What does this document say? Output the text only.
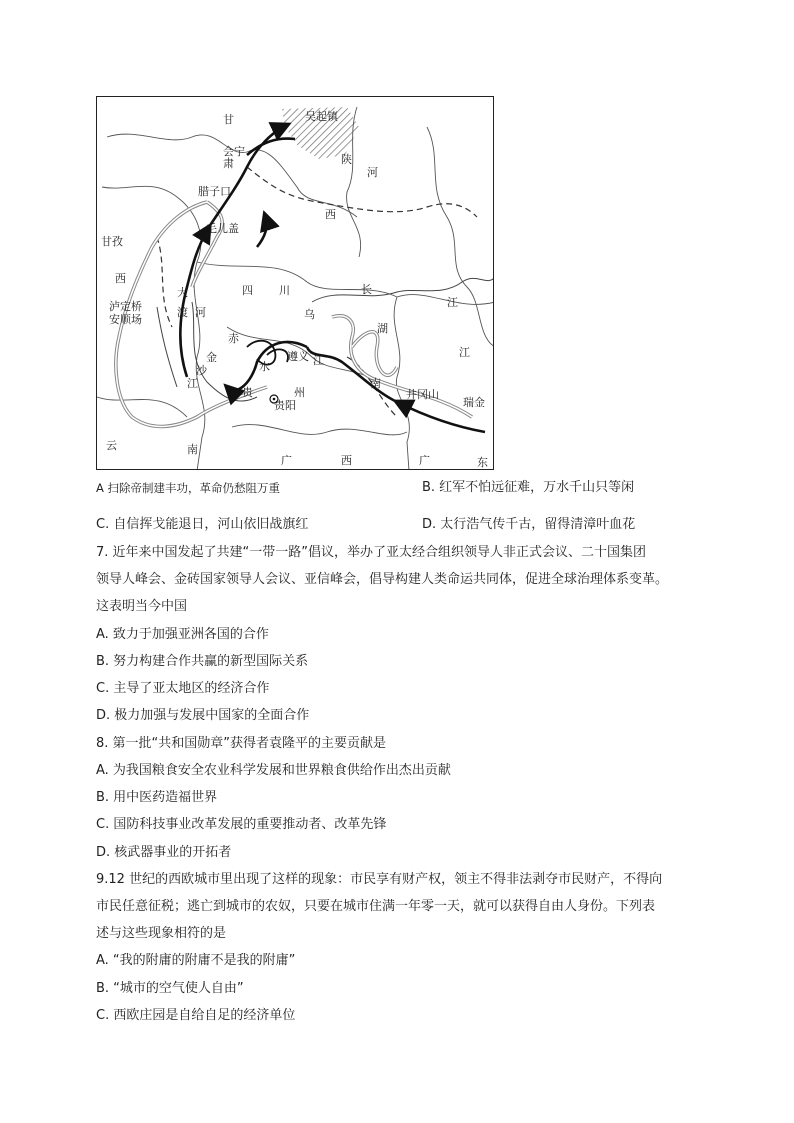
甘	吴起镇
会宁
肃	陕
河
腊子口
西
毛儿盖
甘孜
西
大	四 川	长
江
泸定桥
安顺场
渡 河	乌
湖
江
赤
水
遵义 江
金
沙
江	南
贵	州	井冈山
瑞金
贵阳
云	南
广	西	广	东
A 扫除帝制建丰功，革命仍愁阻万重	B. 红军不怕远征难，万水千山只等闲
C. 自信挥戈能退日，河山依旧战旗红	D. 太行浩气传千古，留得清漳叶血花
7. 近年来中国发起了共建“一带一路”倡议，举办了亚太经合组织领导人非正式会议、二十国集团
领导人峰会、金砖国家领导人会议、亚信峰会，倡导构建人类命运共同体，促进全球治理体系变革。
这表明当今中国
A. 致力于加强亚洲各国的合作
B. 努力构建合作共赢的新型国际关系
C. 主导了亚太地区的经济合作
D. 极力加强与发展中国家的全面合作
8. 第一批“共和国勋章”获得者袁隆平的主要贡献是
A. 为我国粮食安全农业科学发展和世界粮食供给作出杰出贡献
B. 用中医药造福世界
C. 国防科技事业改革发展的重要推动者、改革先锋
D. 核武器事业的开拓者
9.12 世纪的西欧城市里出现了这样的现象：市民享有财产权，领主不得非法剥夺市民财产，不得向
市民任意征税；逃亡到城市的农奴，只要在城市住满一年零一天，就可以获得自由人身份。下列表
述与这些现象相符的是
A. “我的附庸的附庸不是我的附庸”
B. “城市的空气使人自由”
C. 西欧庄园是自给自足的经济单位
